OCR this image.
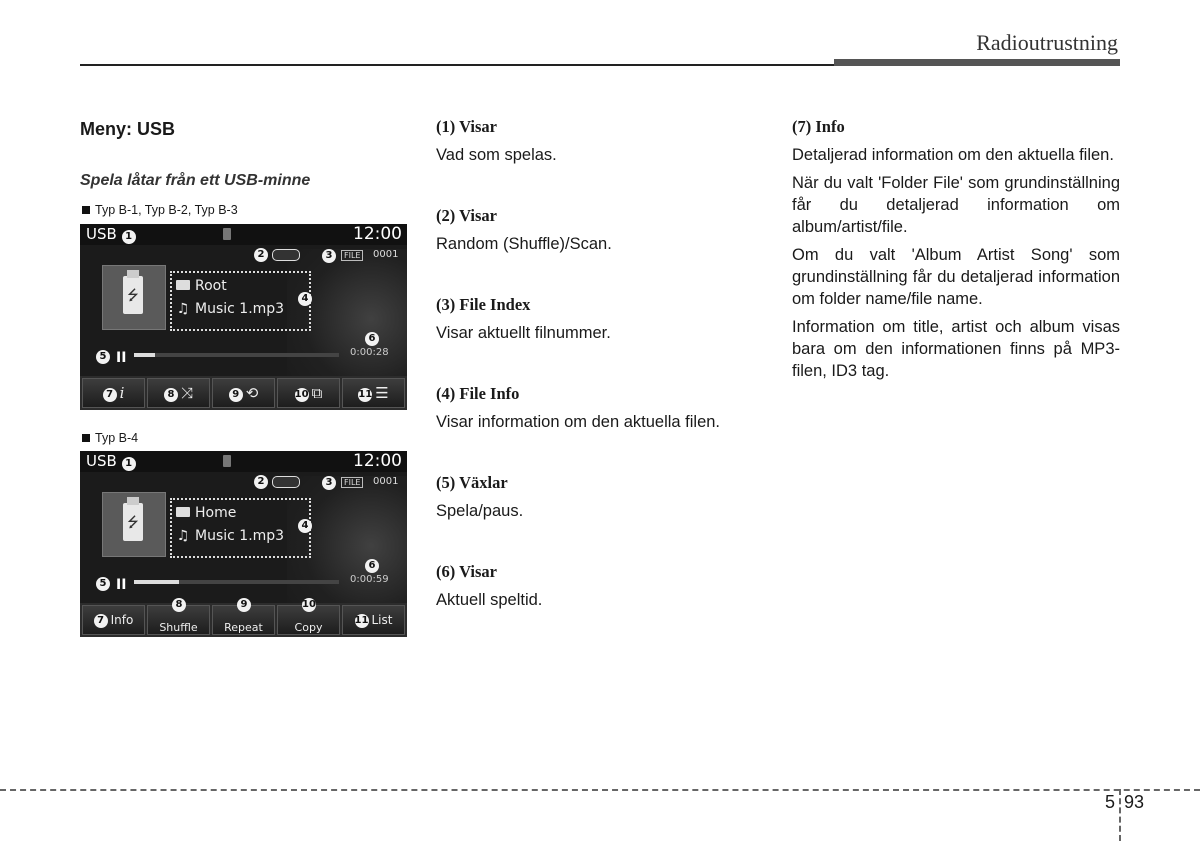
Radioutrustning
Meny: USB
Spela låtar från ett USB-minne
Typ B-1, Typ B-2, Typ B-3
USB 1	12:00
2	3	FILE	0001
⭍	4
Root
♫ Music 1.mp3
6
5 II	0:00:28
7 i	8 ⤨	9 ⟲	10 ⧉	11 ☰
Typ B-4
USB 1	12:00
2	3	FILE	0001
⭍	4
Home
♫ Music 1.mp3
6
5 II	0:00:59
7 Info
8
Shuffle
9
Repeat
10
Copy
11 List
(1) Visar
Vad som spelas.
(2) Visar
Random (Shuffle)/Scan.
(3) File Index
Visar aktuellt filnummer.
(4) File Info
Visar information om den aktuella filen.
(5) Växlar
Spela/paus.
(6) Visar
Aktuell speltid.
(7) Info

Detaljerad information om den aktuella filen.

När du valt 'Folder File' som grundinställning får du detaljerad information om album/artist/file.

Om du valt 'Album Artist Song' som grundinställning får du detaljerad information om folder name/file name.

Information om title, artist och album visas bara om den informationen finns på MP3-filen, ID3 tag.

5 93
